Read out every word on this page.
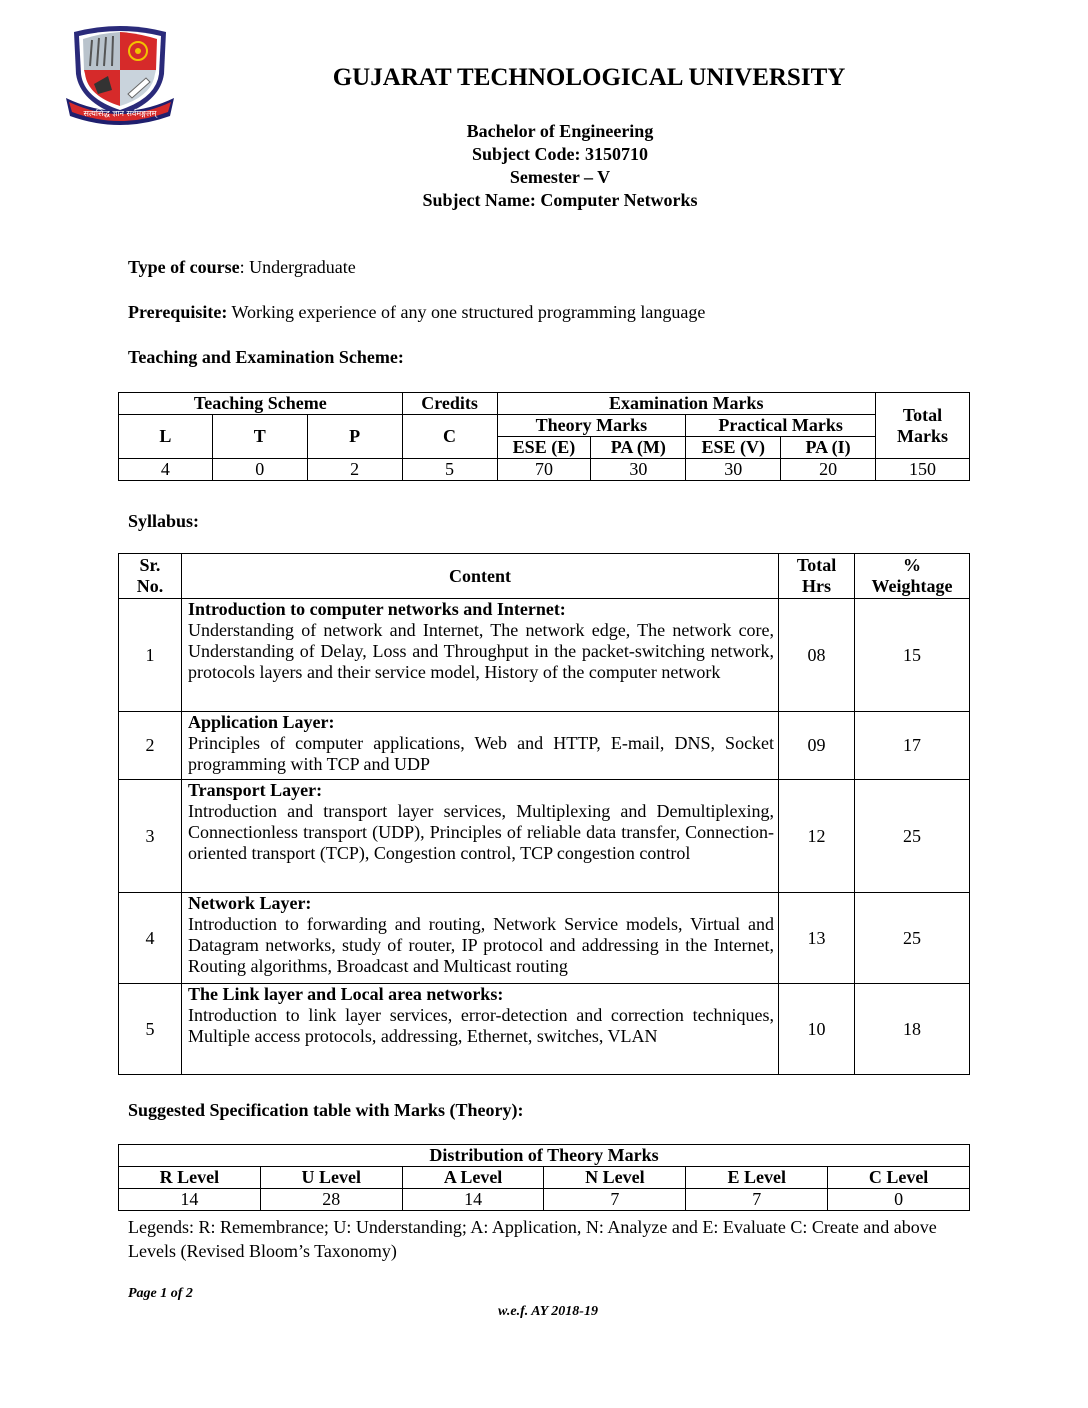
सत्यसिद्ध ज्ञान सर्वमङ्गलम्
GUJARAT TECHNOLOGICAL UNIVERSITY
Bachelor of Engineering
Subject Code: 3150710
Semester – V
Subject Name: Computer Networks
Type of course: Undergraduate
Prerequisite: Working experience of any one structured programming language
Teaching and Examination Scheme:
Teaching Scheme			Credits	Examination Marks				Total Marks
L	T	P	C	Theory Marks		Practical Marks		
				ESE (E)	PA (M)	ESE (V)	PA (I)	
4	0	2	5	70	30	30	20	150
Syllabus:
Sr. No.	Content	Total Hrs	% Weightage
1	Introduction to computer networks and Internet:
Understanding of network and Internet, The network edge, The network core, Understanding of Delay, Loss and Throughput in the packet-switching network, protocols layers and their service model, History of the computer network	08	15
2	Application Layer:
Principles of computer applications, Web and HTTP, E-mail, DNS, Socket programming with TCP and UDP	09	17
3	Transport Layer:
Introduction and transport layer services, Multiplexing and Demultiplexing, Connectionless transport (UDP), Principles of reliable data transfer, Connection-oriented transport (TCP), Congestion control, TCP congestion control	12	25
4	Network Layer:
Introduction to forwarding and routing, Network Service models, Virtual and Datagram networks, study of router, IP protocol and addressing in the Internet, Routing algorithms, Broadcast and Multicast routing	13	25
5	The Link layer and Local area networks:
Introduction to link layer services, error-detection and correction techniques, Multiple access protocols, addressing, Ethernet, switches, VLAN	10	18
Suggested Specification table with Marks (Theory):
Distribution of Theory Marks					
R Level	U Level	A Level	N Level	E Level	C Level
14	28	14	7	7	0
Legends: R: Remembrance; U: Understanding; A: Application, N: Analyze and E: Evaluate C: Create and above Levels (Revised Bloom’s Taxonomy)
Page 1 of 2
w.e.f. AY 2018-19
